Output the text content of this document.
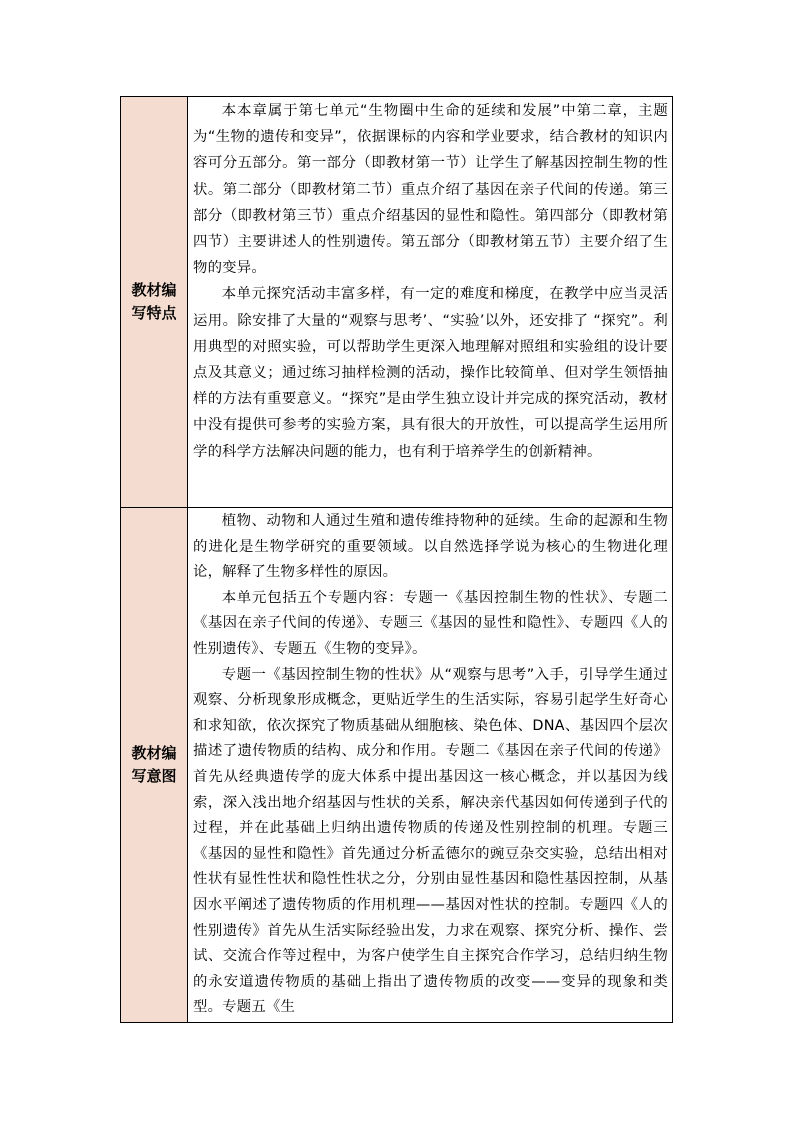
教材编写特点	本本章属于第七单元“生物圈中生命的延续和发展”中第二章，主题为“生物的遗传和变异”，依据课标的内容和学业要求，结合教材的知识内容可分五部分。第一部分（即教材第一节）让学生了解基因控制生物的性状。第二部分（即教材第二节）重点介绍了基因在亲子代间的传递。第三部分（即教材第三节）重点介绍基因的显性和隐性。第四部分（即教材第四节）主要讲述人的性别遗传。第五部分（即教材第五节）主要介绍了生物的变异。

本单元探究活动丰富多样，有一定的难度和梯度，在教学中应当灵活运用。除安排了大量的“观察与思考’、“实验’以外，还安排了 “探究”。利用典型的对照实验，可以帮助学生更深入地理解对照组和实验组的设计要点及其意义；通过练习抽样检测的活动，操作比较简单、但对学生领悟抽样的方法有重要意义。“探究”是由学生独立设计并完成的探究活动，教材中没有提供可参考的实验方案，具有很大的开放性，可以提高学生运用所学的科学方法解决问题的能力，也有利于培养学生的创新精神。

教材编写意图	植物、动物和人通过生殖和遗传维持物种的延续。生命的起源和生物的进化是生物学研究的重要领域。以自然选择学说为核心的生物进化理论，解释了生物多样性的原因。

本单元包括五个专题内容：专题一《基因控制生物的性状》、专题二《基因在亲子代间的传递》、专题三《基因的显性和隐性》、专题四《人的性别遗传》、专题五《生物的变异》。

专题一《基因控制生物的性状》从“观察与思考”入手，引导学生通过观察、分析现象形成概念，更贴近学生的生活实际，容易引起学生好奇心和求知欲，依次探究了物质基础从细胞核、染色体、DNA、基因四个层次描述了遗传物质的结构、成分和作用。专题二《基因在亲子代间的传递》首先从经典遗传学的庞大体系中提出基因这一核心概念，并以基因为线索，深入浅出地介绍基因与性状的关系，解决亲代基因如何传递到子代的过程，并在此基础上归纳出遗传物质的传递及性别控制的机理。专题三《基因的显性和隐性》首先通过分析孟德尔的豌豆杂交实验，总结出相对性状有显性性状和隐性性状之分，分别由显性基因和隐性基因控制，从基因水平阐述了遗传物质的作用机理——基因对性状的控制。专题四《人的性别遗传》首先从生活实际经验出发，力求在观察、探究分析、操作、尝试、交流合作等过程中，为客户使学生自主探究合作学习，总结归纳生物的永安道遗传物质的基础上指出了遗传物质的改变——变异的现象和类型。专题五《生
